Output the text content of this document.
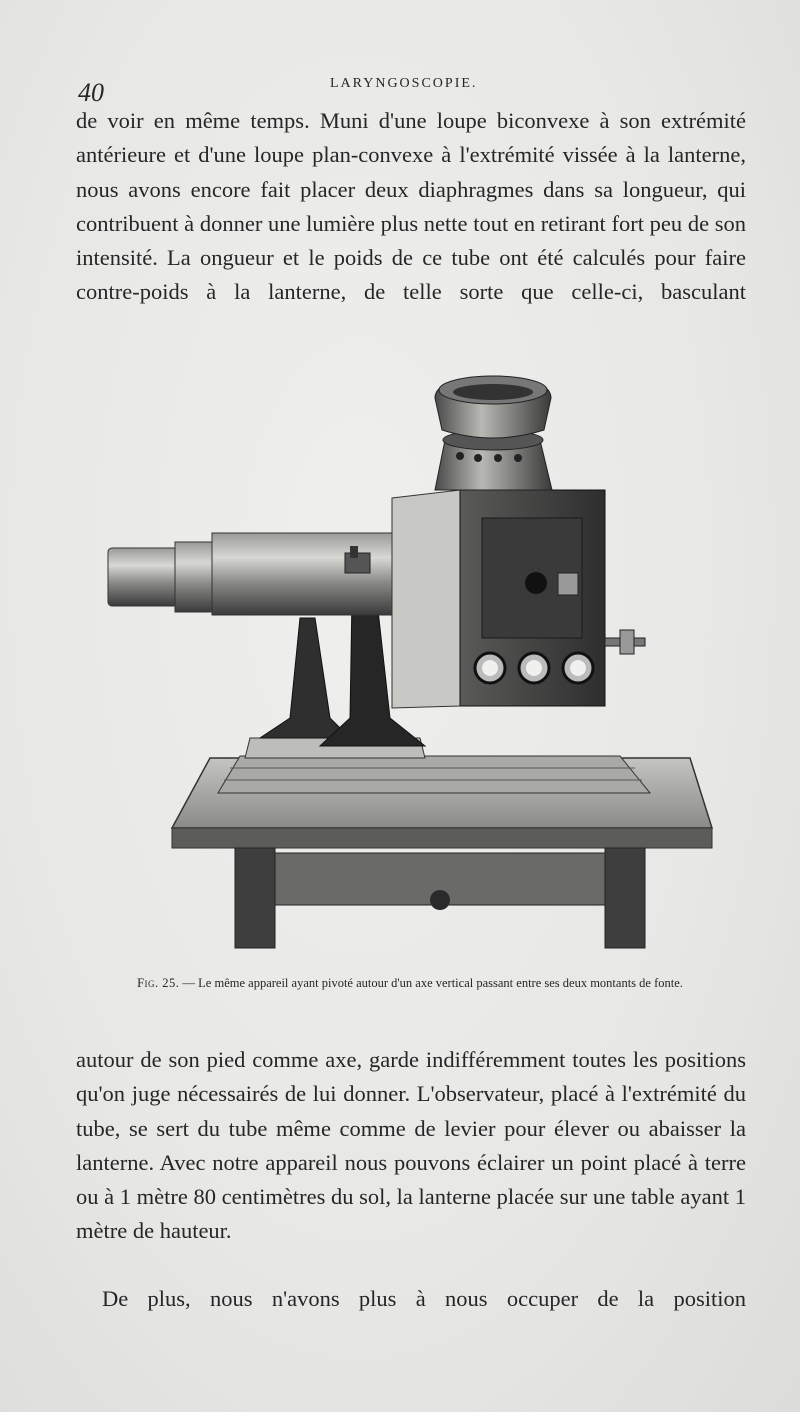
40	LARYNGOSCOPIE.

de voir en même temps. Muni d'une loupe biconvexe à son extrémité antérieure et d'une loupe plan-convexe à l'extrémité vissée à la lanterne, nous avons encore fait placer deux diaphragmes dans sa longueur, qui contribuent à donner une lumière plus nette tout en retirant fort peu de son intensité. La ongueur et le poids de ce tube ont été calculés pour faire contre-poids à la lanterne, de telle sorte que celle-ci, basculant

Fig. 25. — Le même appareil ayant pivoté autour d'un axe vertical passant entre ses deux montants de fonte.

autour de son pied comme axe, garde indifféremment toutes les positions qu'on juge nécessairés de lui donner. L'observateur, placé à l'extrémité du tube, se sert du tube même comme de levier pour élever ou abaisser la lanterne. Avec notre appareil nous pouvons éclairer un point placé à terre ou à 1 mètre 80 centimètres du sol, la lanterne placée sur une table ayant 1 mètre de hauteur.

De plus, nous n'avons plus à nous occuper de la position
